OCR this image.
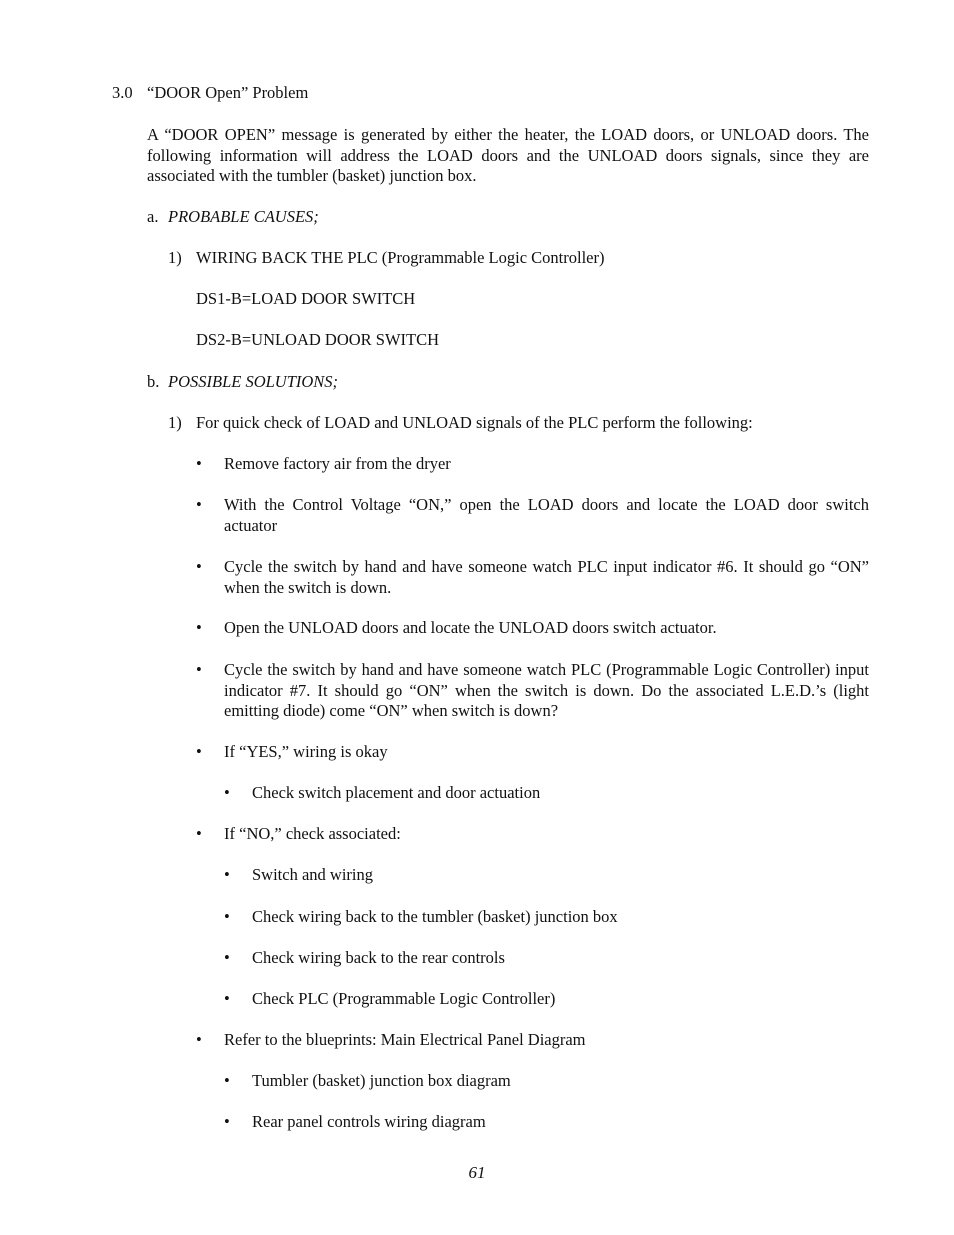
3.0 “DOOR Open” Problem
A “DOOR OPEN” message is generated by either the heater, the LOAD doors, or UNLOAD doors. The following information will address the LOAD doors and the UNLOAD doors signals, since they are associated with the tumbler (basket) junction box.
a. PROBABLE CAUSES;
1) WIRING BACK THE PLC (Programmable Logic Controller)
DS1-B=LOAD DOOR SWITCH
DS2-B=UNLOAD DOOR SWITCH
b. POSSIBLE SOLUTIONS;
1) For quick check of LOAD and UNLOAD signals of the PLC perform the following:
• Remove factory air from the dryer
• With the Control Voltage “ON,” open the LOAD doors and locate the LOAD door switch actuator
• Cycle the switch by hand and have someone watch PLC input indicator #6. It should go “ON” when the switch is down.
• Open the UNLOAD doors and locate the UNLOAD doors switch actuator.
• Cycle the switch by hand and have someone watch PLC (Programmable Logic Controller) input indicator #7. It should go “ON” when the switch is down. Do the associated L.E.D.’s (light emitting diode) come “ON” when switch is down?
• If “YES,” wiring is okay
• Check switch placement and door actuation
• If “NO,” check associated:
• Switch and wiring
• Check wiring back to the tumbler (basket) junction box
• Check wiring back to the rear controls
• Check PLC (Programmable Logic Controller)
• Refer to the blueprints: Main Electrical Panel Diagram
• Tumbler (basket) junction box diagram
• Rear panel controls wiring diagram
61
